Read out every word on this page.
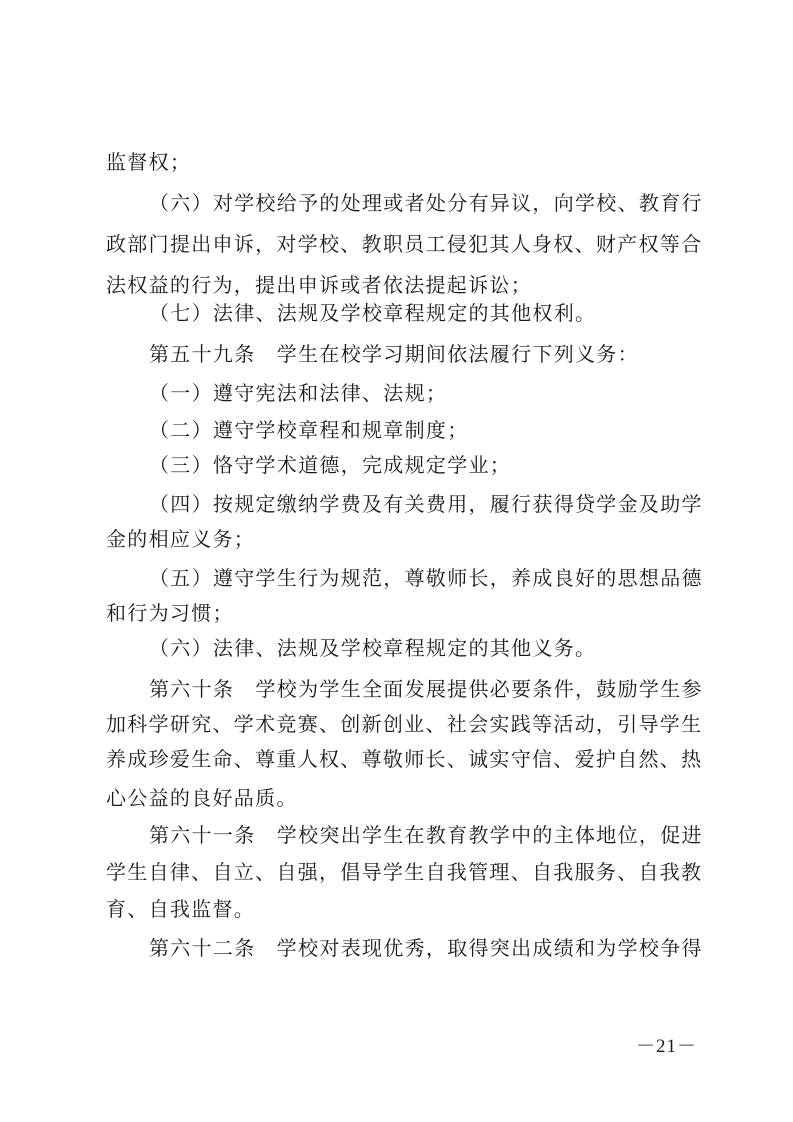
监督权；
（六）对学校给予的处理或者处分有异议，向学校、教育行
政部门提出申诉，对学校、教职员工侵犯其人身权、财产权等合
法权益的行为，提出申诉或者依法提起诉讼；
（七）法律、法规及学校章程规定的其他权利。
第五十九条　学生在校学习期间依法履行下列义务：
（一）遵守宪法和法律、法规；
（二）遵守学校章程和规章制度；
（三）恪守学术道德，完成规定学业；
（四）按规定缴纳学费及有关费用，履行获得贷学金及助学
金的相应义务；
（五）遵守学生行为规范，尊敬师长，养成良好的思想品德
和行为习惯；
（六）法律、法规及学校章程规定的其他义务。
第六十条　学校为学生全面发展提供必要条件，鼓励学生参
加科学研究、学术竞赛、创新创业、社会实践等活动，引导学生
养成珍爱生命、尊重人权、尊敬师长、诚实守信、爱护自然、热
心公益的良好品质。
第六十一条　学校突出学生在教育教学中的主体地位，促进
学生自律、自立、自强，倡导学生自我管理、自我服务、自我教
育、自我监督。
第六十二条　学校对表现优秀，取得突出成绩和为学校争得
－21－
